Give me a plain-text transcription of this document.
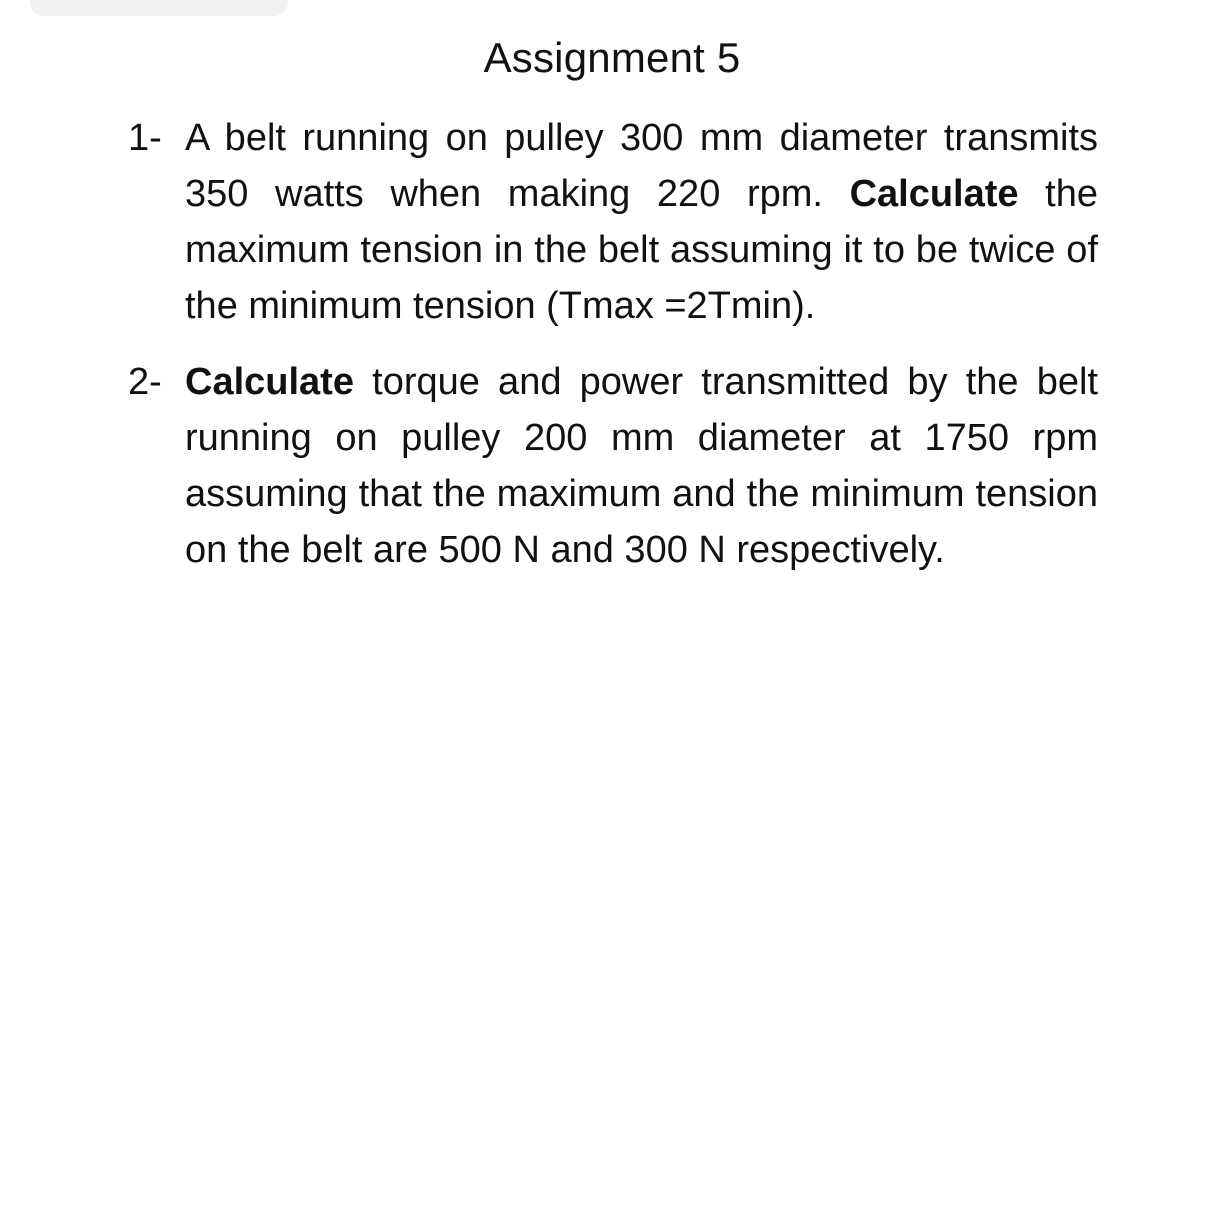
Assignment 5
1- A belt running on pulley 300 mm diameter transmits 350 watts when making 220 rpm. Calculate the maximum tension in the belt assuming it to be twice of the minimum tension (Tmax =2Tmin).
2- Calculate torque and power transmitted by the belt running on pulley 200 mm diameter at 1750 rpm assuming that the maximum and the minimum tension on the belt are 500 N and 300 N respectively.
